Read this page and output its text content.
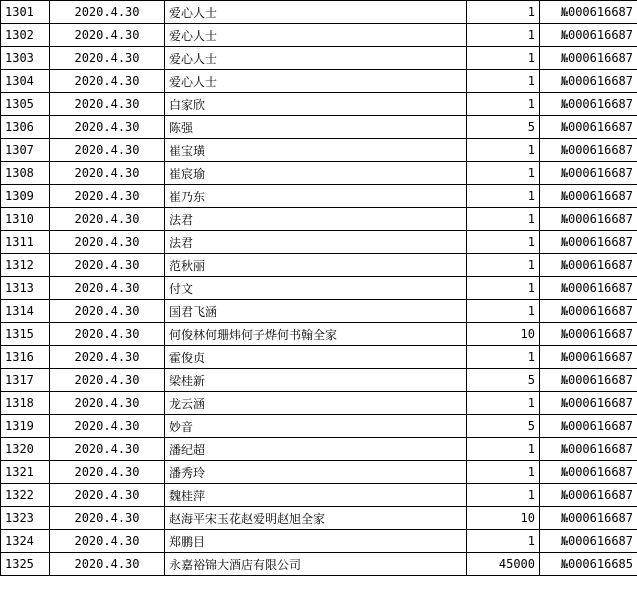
1301	2020.4.30	爱心人士	1	№000616687
1302	2020.4.30	爱心人士	1	№000616687
1303	2020.4.30	爱心人士	1	№000616687
1304	2020.4.30	爱心人士	1	№000616687
1305	2020.4.30	白家欣	1	№000616687
1306	2020.4.30	陈强	5	№000616687
1307	2020.4.30	崔宝璜	1	№000616687
1308	2020.4.30	崔宸瑜	1	№000616687
1309	2020.4.30	崔乃东	1	№000616687
1310	2020.4.30	法君	1	№000616687
1311	2020.4.30	法君	1	№000616687
1312	2020.4.30	范秋丽	1	№000616687
1313	2020.4.30	付文	1	№000616687
1314	2020.4.30	国君飞涵	1	№000616687
1315	2020.4.30	何俊林何珊炜何子烨何书翰全家	10	№000616687
1316	2020.4.30	霍俊贞	1	№000616687
1317	2020.4.30	梁桂新	5	№000616687
1318	2020.4.30	龙云涵	1	№000616687
1319	2020.4.30	妙音	5	№000616687
1320	2020.4.30	潘纪超	1	№000616687
1321	2020.4.30	潘秀玲	1	№000616687
1322	2020.4.30	魏桂萍	1	№000616687
1323	2020.4.30	赵海平宋玉花赵爱明赵旭全家	10	№000616687
1324	2020.4.30	郑鹏目	1	№000616687
1325	2020.4.30	永嘉裕锦大酒店有限公司	45000	№000616685
